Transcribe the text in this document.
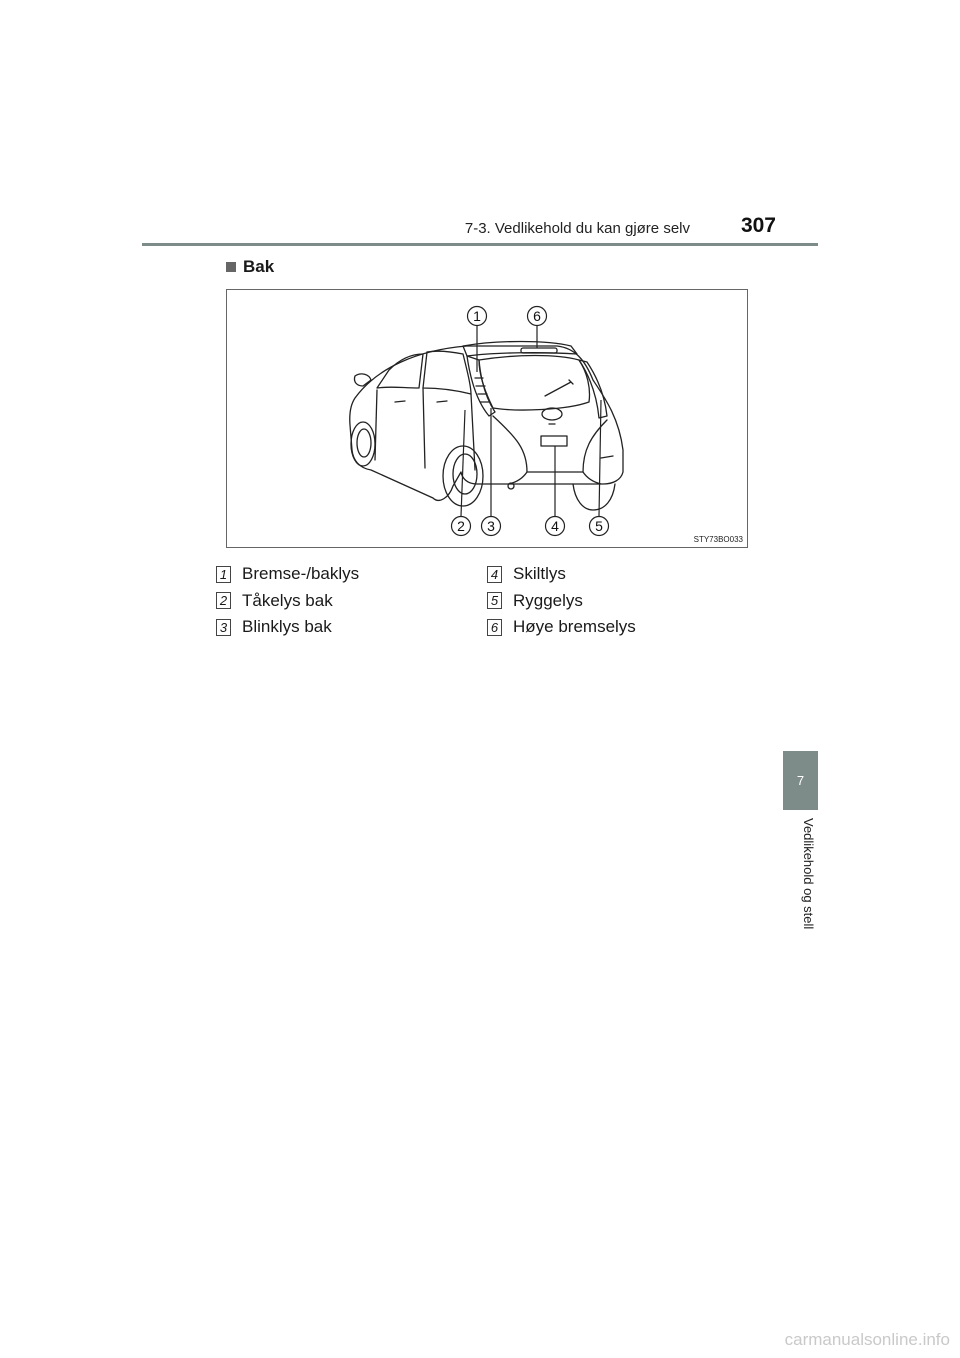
7-3. Vedlikehold du kan gjøre selv 307
Bak
1	6
2 3	4	5
STY73BO033
1 Bremse-/baklys
2 Tåkelys bak
3 Blinklys bak
4 Skiltlys
5 Ryggelys
6 Høye bremselys
7
Vedlikehold og stell
carmanualsonline.info
